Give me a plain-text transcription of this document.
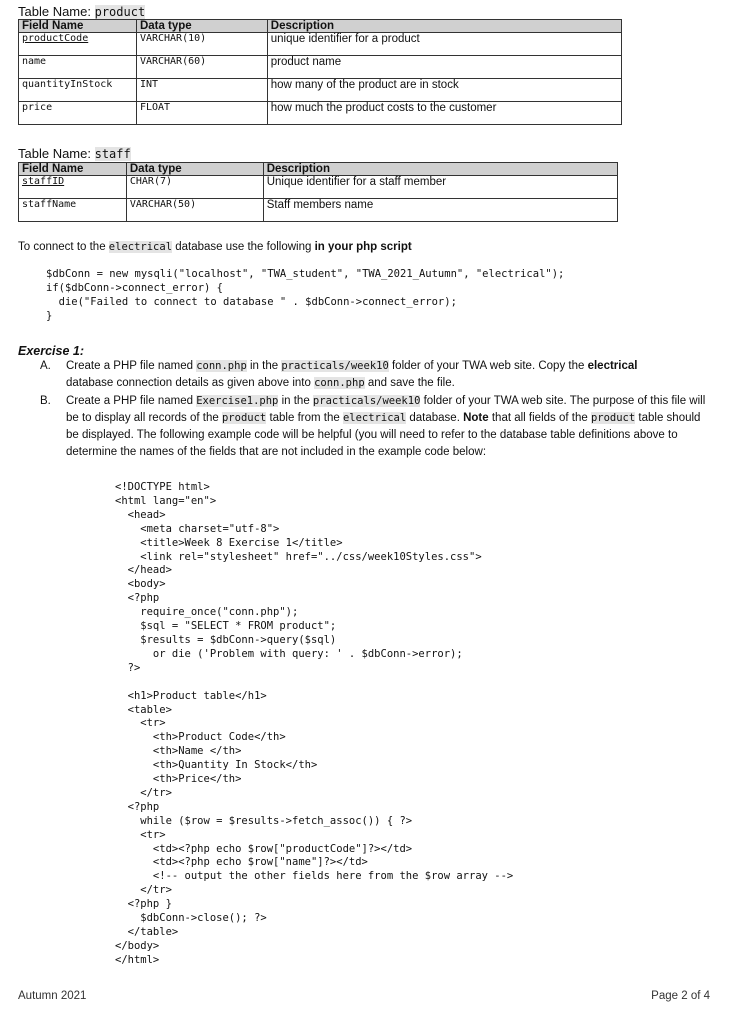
Table Name: product
Field Name	Data type	Description
productCode	VARCHAR(10)	unique identifier for a product
name	VARCHAR(60)	product name
quantityInStock	INT	how many of the product are in stock
price	FLOAT	how much the product costs to the customer
Table Name: staff
Field Name	Data type	Description
staffID	CHAR(7)	Unique identifier for a staff member
staffName	VARCHAR(50)	Staff members name
To connect to the electrical database use the following in your php script
$dbConn = new mysqli("localhost", "TWA_student", "TWA_2021_Autumn", "electrical");
if($dbConn->connect_error) {
die("Failed to connect to database " . $dbConn->connect_error);
}
Exercise 1:
A. Create a PHP file named conn.php in the practicals/week10 folder of your TWA web site. Copy the electrical
database connection details as given above into conn.php and save the file.
B. Create a PHP file named Exercise1.php in the practicals/week10 folder of your TWA web site. The purpose of this file will be to display all records of the product table from the electrical database. Note that all fields of the product table should be displayed. The following example code will be helpful (you will need to refer to the database table definitions above to determine the names of the fields that are not included in the example code below:
<!DOCTYPE html>
<html lang="en">
<head>
<meta charset="utf-8">
<title>Week 8 Exercise 1</title>
<link rel="stylesheet" href="../css/week10Styles.css">
</head>
<body>
<?php
require_once("conn.php");
$sql = "SELECT * FROM product";
$results = $dbConn->query($sql)
or die ('Problem with query: ' . $dbConn->error);
?>

<h1>Product table</h1>
<table>
<tr>
<th>Product Code</th>
<th>Name </th>
<th>Quantity In Stock</th>
<th>Price</th>
</tr>
<?php
while ($row = $results->fetch_assoc()) { ?>
<tr>
<td><?php echo $row["productCode"]?></td>
<td><?php echo $row["name"]?></td>
<!-- output the other fields here from the $row array -->
</tr>
<?php }
$dbConn->close(); ?>
</table>
</body>
</html>
Autumn 2021	Page 2 of 4
